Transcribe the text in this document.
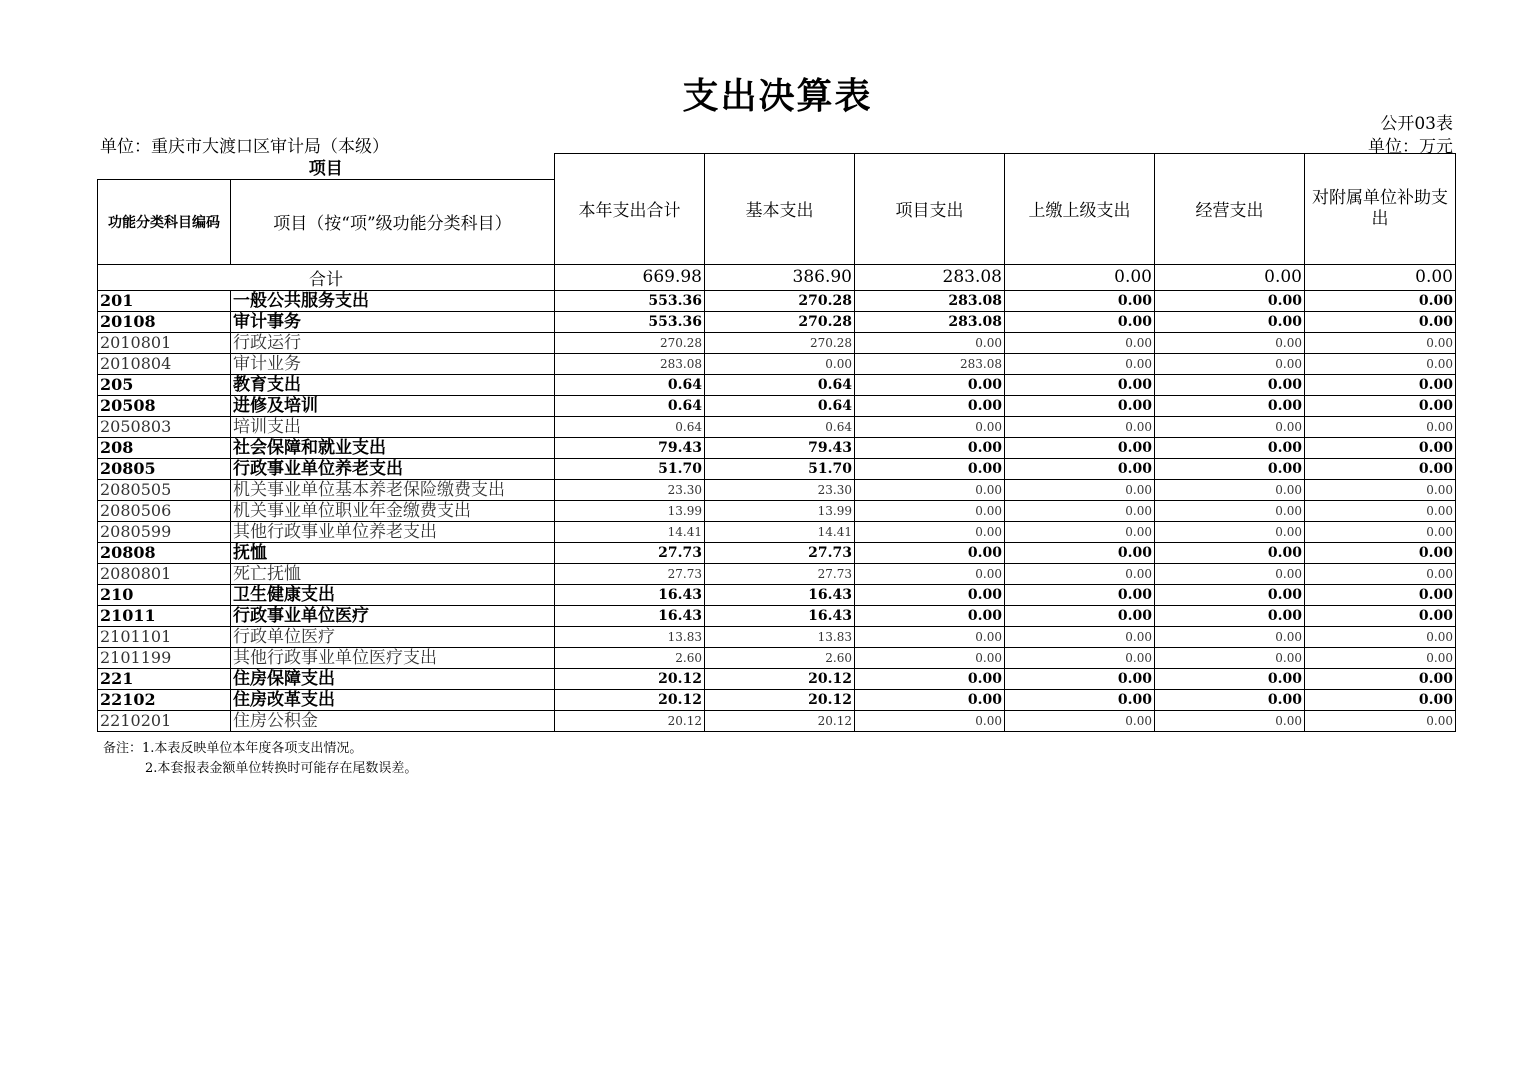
支出决算表
公开03表
单位：重庆市大渡口区审计局（本级）	单位：万元
项目		本年支出合计	基本支出	项目支出	上缴上级支出	经营支出	对附属单位补助支出
功能分类科目编码	项目（按“项”级功能分类科目）						
合计		669.98	386.90	283.08	0.00	0.00	0.00
201	一般公共服务支出	553.36	270.28	283.08	0.00	0.00	0.00
20108	审计事务	553.36	270.28	283.08	0.00	0.00	0.00
2010801	行政运行	270.28	270.28	0.00	0.00	0.00	0.00
2010804	审计业务	283.08	0.00	283.08	0.00	0.00	0.00
205	教育支出	0.64	0.64	0.00	0.00	0.00	0.00
20508	进修及培训	0.64	0.64	0.00	0.00	0.00	0.00
2050803	培训支出	0.64	0.64	0.00	0.00	0.00	0.00
208	社会保障和就业支出	79.43	79.43	0.00	0.00	0.00	0.00
20805	行政事业单位养老支出	51.70	51.70	0.00	0.00	0.00	0.00
2080505	机关事业单位基本养老保险缴费支出	23.30	23.30	0.00	0.00	0.00	0.00
2080506	机关事业单位职业年金缴费支出	13.99	13.99	0.00	0.00	0.00	0.00
2080599	其他行政事业单位养老支出	14.41	14.41	0.00	0.00	0.00	0.00
20808	抚恤	27.73	27.73	0.00	0.00	0.00	0.00
2080801	死亡抚恤	27.73	27.73	0.00	0.00	0.00	0.00
210	卫生健康支出	16.43	16.43	0.00	0.00	0.00	0.00
21011	行政事业单位医疗	16.43	16.43	0.00	0.00	0.00	0.00
2101101	行政单位医疗	13.83	13.83	0.00	0.00	0.00	0.00
2101199	其他行政事业单位医疗支出	2.60	2.60	0.00	0.00	0.00	0.00
221	住房保障支出	20.12	20.12	0.00	0.00	0.00	0.00
22102	住房改革支出	20.12	20.12	0.00	0.00	0.00	0.00
2210201	住房公积金	20.12	20.12	0.00	0.00	0.00	0.00
备注：1.本表反映单位本年度各项支出情况。
2.本套报表金额单位转换时可能存在尾数误差。
